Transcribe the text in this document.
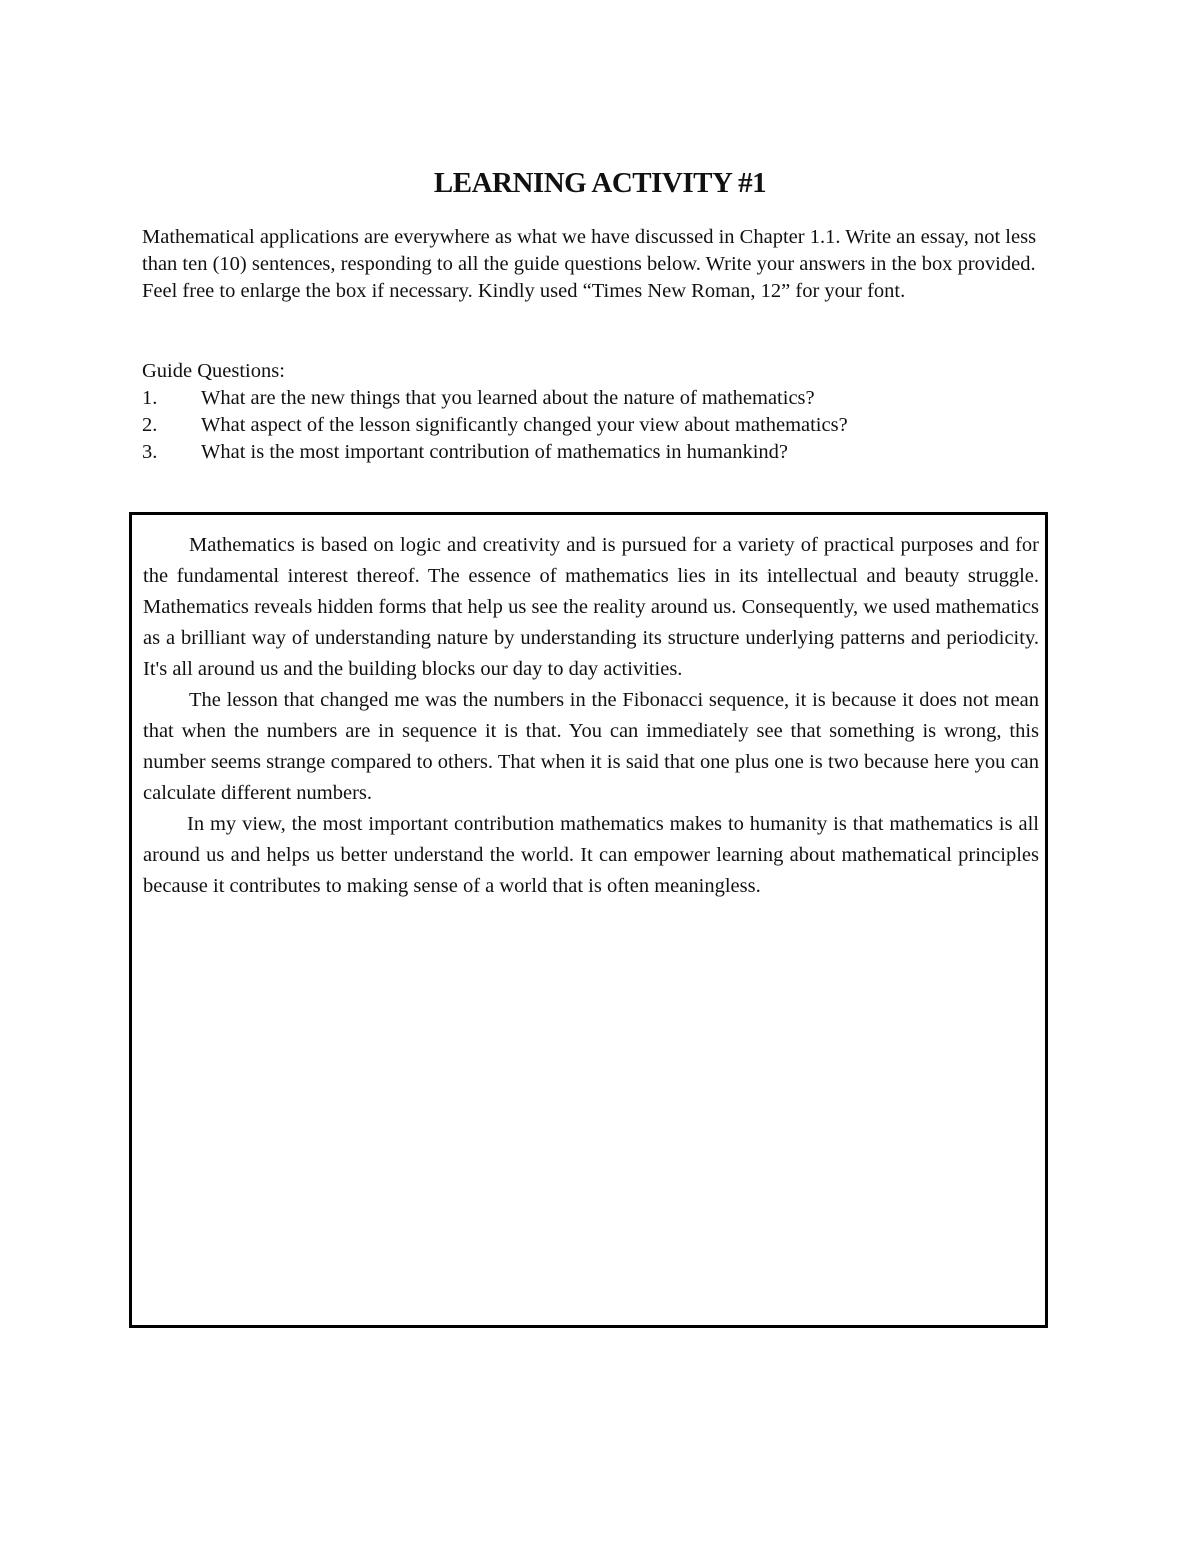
LEARNING ACTIVITY #1

Mathematical applications are everywhere as what we have discussed in Chapter 1.1. Write an essay, not less than ten (10) sentences, responding to all the guide questions below. Write your answers in the box provided. Feel free to enlarge the box if necessary. Kindly used “Times New Roman, 12” for your font.

Guide Questions:

1.	What are the new things that you learned about the nature of mathematics?
2.	What aspect of the lesson significantly changed your view about mathematics?
3.	What is the most important contribution of mathematics in humankind?

Mathematics is based on logic and creativity and is pursued for a variety of practical purposes and for the fundamental interest thereof. The essence of mathematics lies in its intellectual and beauty struggle. Mathematics reveals hidden forms that help us see the reality around us. Consequently, we used mathematics as a brilliant way of understanding nature by understanding its structure underlying patterns and periodicity. It's all around us and the building blocks our day to day activities.

The lesson that changed me was the numbers in the Fibonacci sequence, it is because it does not mean that when the numbers are in sequence it is that. You can immediately see that something is wrong, this number seems strange compared to others. That when it is said that one plus one is two because here you can calculate different numbers.

In my view, the most important contribution mathematics makes to humanity is that mathematics is all around us and helps us better understand the world. It can empower learning about mathematical principles because it contributes to making sense of a world that is often meaningless.
